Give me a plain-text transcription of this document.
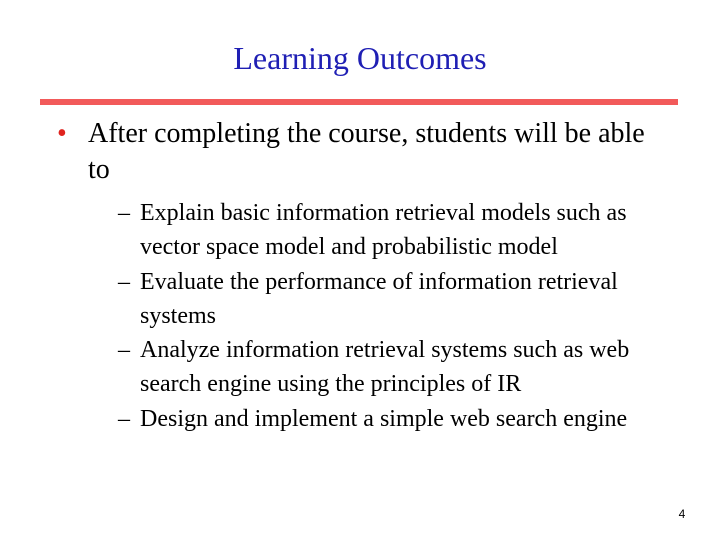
Learning Outcomes
• After completing the course, students will be able to
– Explain basic information retrieval models such as vector space model and probabilistic model
– Evaluate the performance of information retrieval systems
– Analyze information retrieval systems such as web search engine using the principles of IR
– Design and implement a simple web search engine
4
